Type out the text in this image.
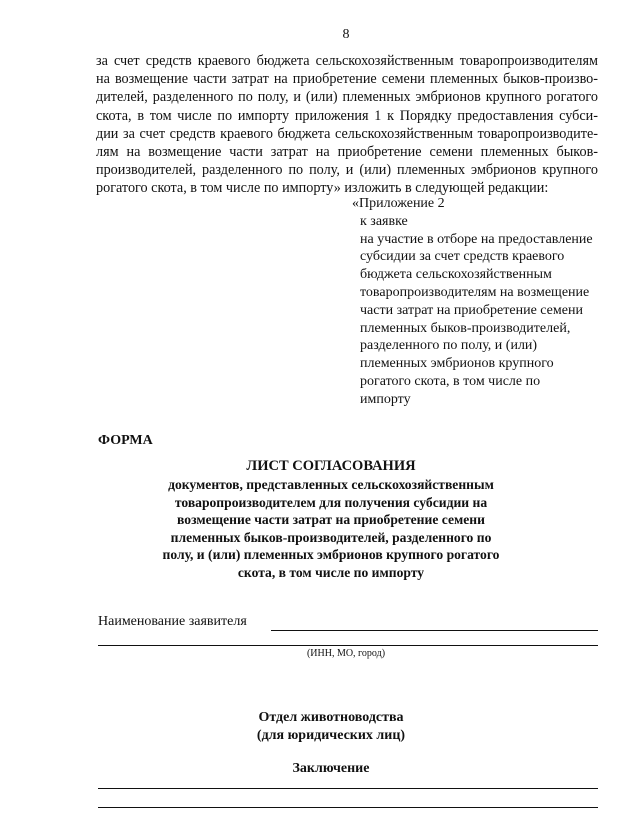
8
за счет средств краевого бюджета сельскохозяйственным товаропроизводителям
на возмещение части затрат на приобретение семени племенных быков-произво-
дителей, разделенного по полу, и (или) племенных эмбрионов крупного рогатого
скота, в том числе по импорту приложения 1 к Порядку предоставления субси-
дии за счет средств краевого бюджета сельскохозяйственным товаропроизводите-
лям на возмещение части затрат на приобретение семени племенных быков-
производителей, разделенного по полу, и (или) племенных эмбрионов крупного
рогатого скота, в том числе по импорту» изложить в следующей редакции:
«Приложение 2
к заявке
на участие в отборе на предоставление
субсидии за счет средств краевого
бюджета сельскохозяйственным
товаропроизводителям на возмещение
части затрат на приобретение семени
племенных быков-производителей,
разделенного по полу, и (или)
племенных эмбрионов крупного
рогатого скота, в том числе по
импорту
ФОРМА
ЛИСТ СОГЛАСОВАНИЯ
документов, представленных сельскохозяйственным
товаропроизводителем для получения субсидии на
возмещение части затрат на приобретение семени
племенных быков-производителей, разделенного по
полу, и (или) племенных эмбрионов крупного рогатого
скота, в том числе по импорту
Наименование заявителя
(ИНН, МО, город)
Отдел животноводства
(для юридических лиц)
Заключение
